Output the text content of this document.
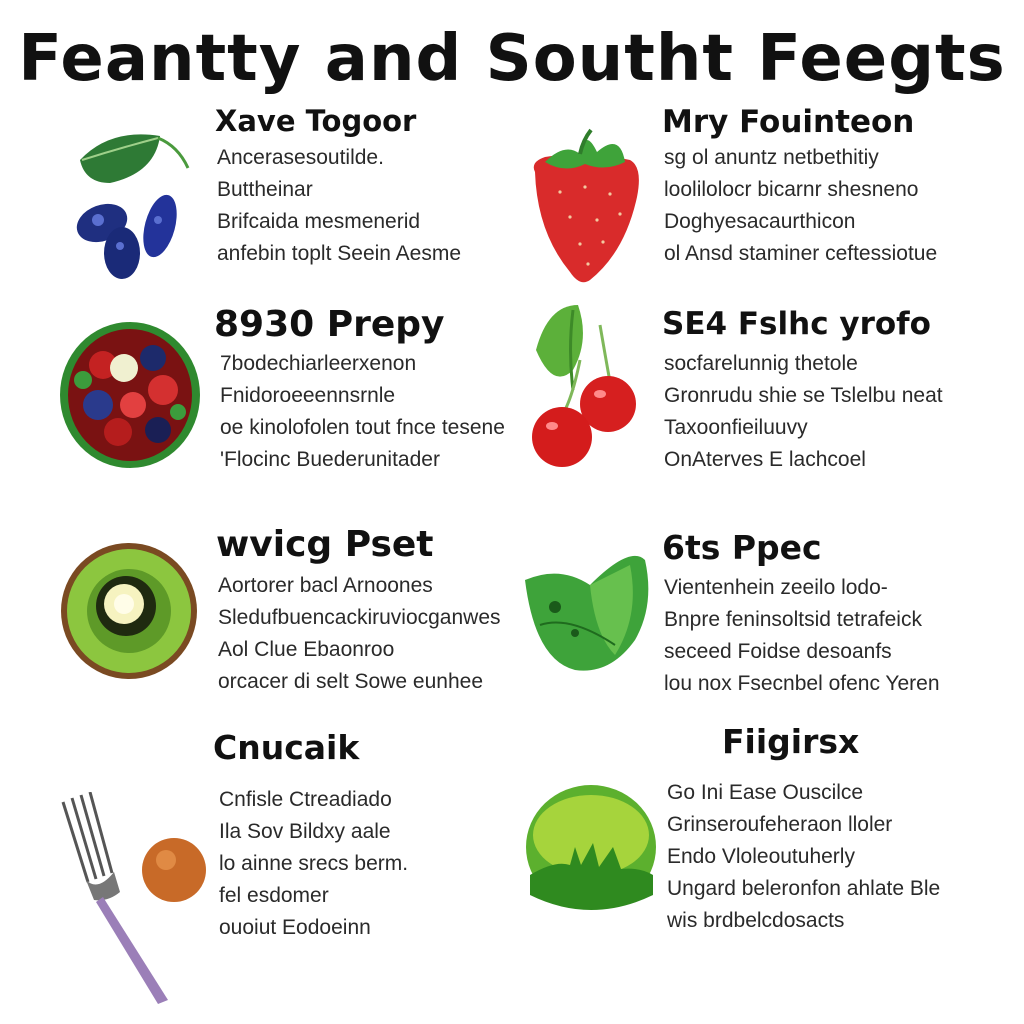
Feantty and Southt Feegts
Xave Togoor
Ancerasesoutilde.
Buttheinar
Brifcaida mesmenerid
anfebin toplt Seein Aesme
Mry Fouinteon
sg ol anuntz netbethitiy
loolilolocr bicarnr shesneno
Doghyesacaurthicon
ol Ansd staminer ceftessiotue
8930 Prepy
7bodechiarleerxenon
Fnidoroeeennsrnle
oe kinolofolen tout fnce tesene
'Flocinc Buederunitader
SE4 Fslhc yrofo
socfarelunnig thetole
Gronrudu shie se Tslelbu neat
Taxoonfieiluuvy
OnAterves E lachcoel
wvicg Pset
Aortorer bacl Arnoones
Sledufbuencackiruviocganwes
Aol Clue Ebaonroo
orcacer di selt Sowe eunhee
6ts Ppec
Vientenhein zeeilo lodo-
Bnpre feninsoltsid tetrafeick
seceed Foidse desoanfs
lou nox Fsecnbel ofenc Yeren
Cnucaik
Cnfisle Ctreadiado
Ila Sov Bildxy aale
lo ainne srecs berm.
fel esdomer
ouoiut Eodoeinn
Fiigirsx
Go Ini Ease Ouscilce
Grinseroufeheraon lloler
Endo Vloleoutuherly
Ungard beleronfon ahlate Ble
wis brdbelcdosacts
